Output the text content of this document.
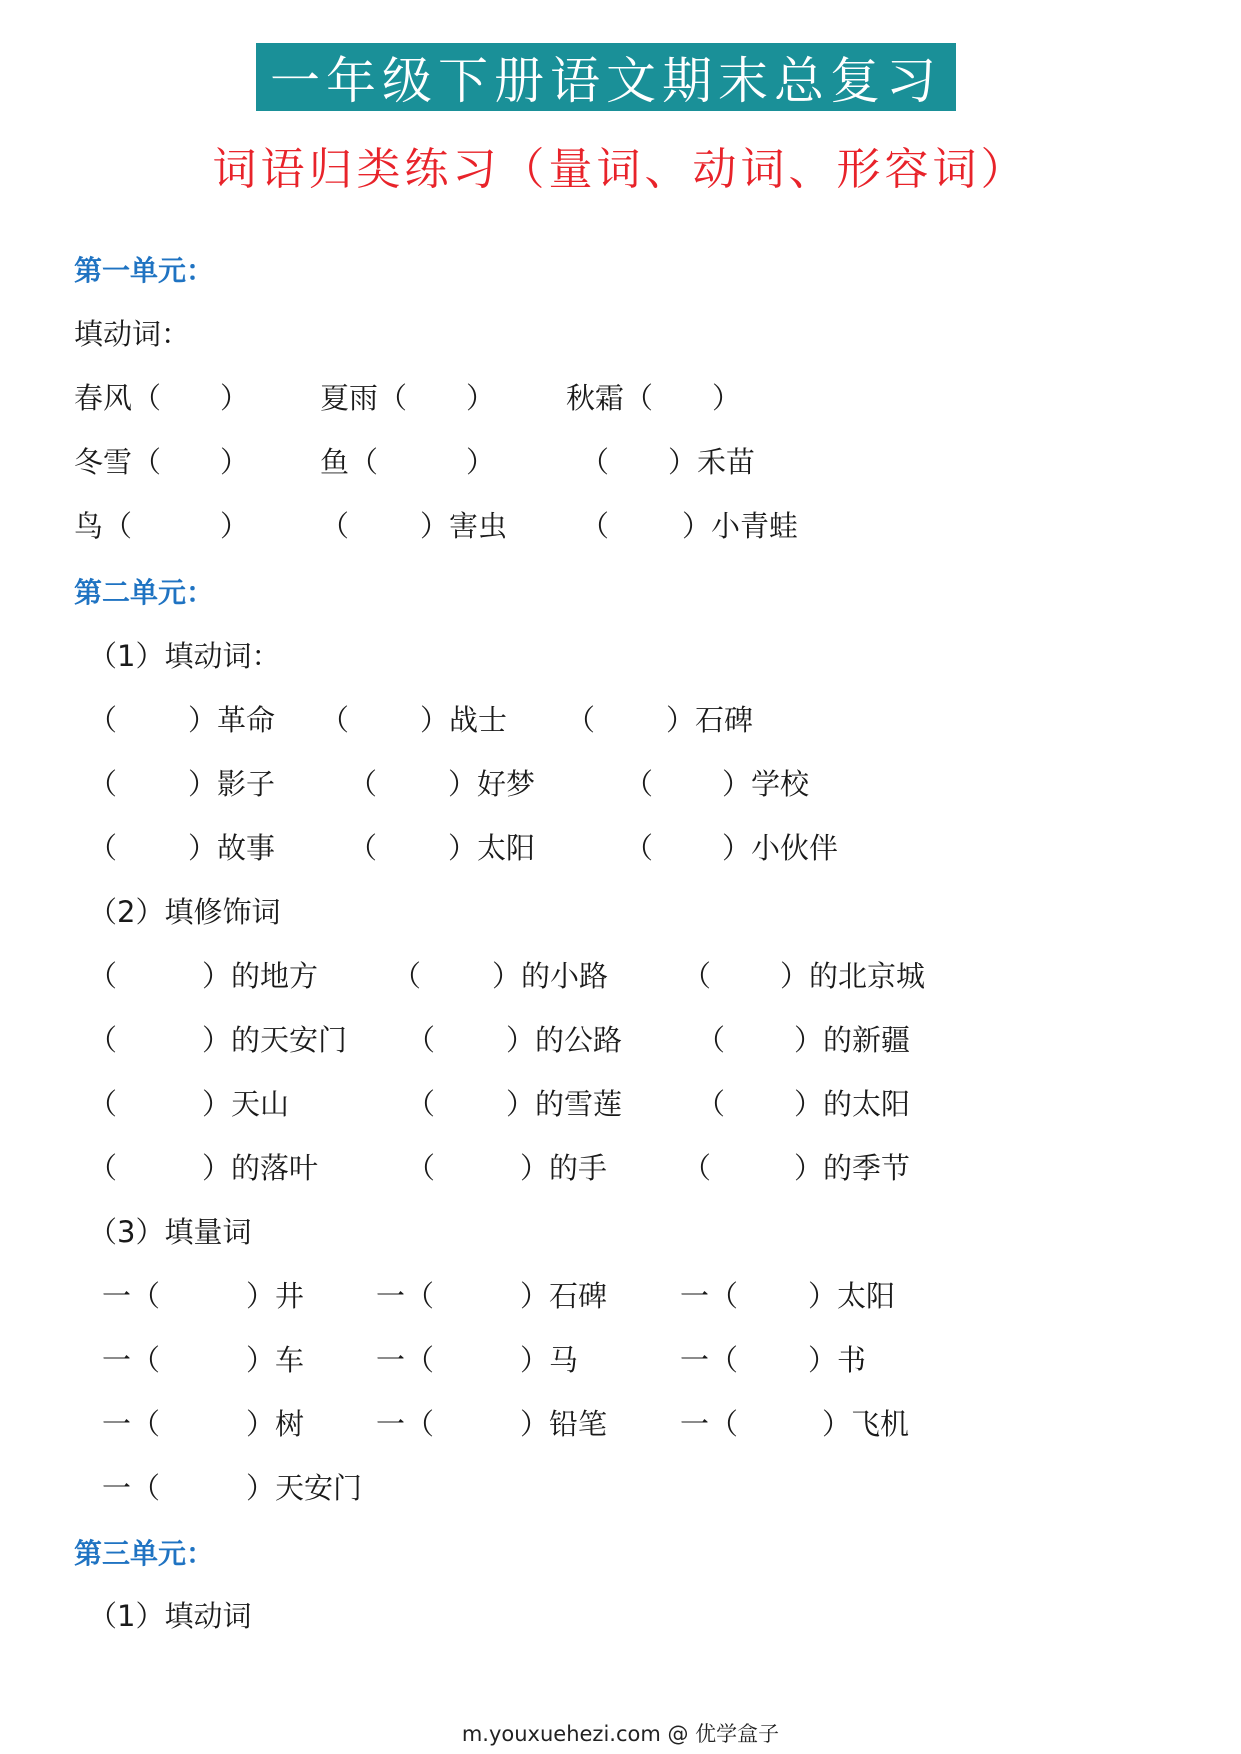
一年级下册语文期末总复习
词语归类练习（量词、动词、形容词）
第一单元：
填动词：
春风（ ） 夏雨（ ） 秋霜（ ）
冬雪（ ） 鱼（	）	（ ）禾苗
鸟（	） （ ）害虫	（	）小青蛙
第二单元：
（1）填动词：
（ ）革命 （ ）战士 （ ）石碑
（ ）影子	（ ）好梦	（ ）学校
（ ）故事	（ ）太阳	（ ）小伙伴
（2）填修饰词
（	）的地方	（ ）的小路	（ ）的北京城
（	）的天安门 （ ）的公路	（ ）的新疆
（	）天山	（ ）的雪莲	（ ）的太阳
（	）的落叶	（	）的手	（	）的季节
（3）填量词
一（	）井 一（	）石碑	一（ ）太阳
一（	）车 一（	）马	一（ ）书
一（	）树 一（	）铅笔	一（	）飞机
一（	）天安门
第三单元：
（1）填动词
m.youxuehezi.com @ 优学盒子
